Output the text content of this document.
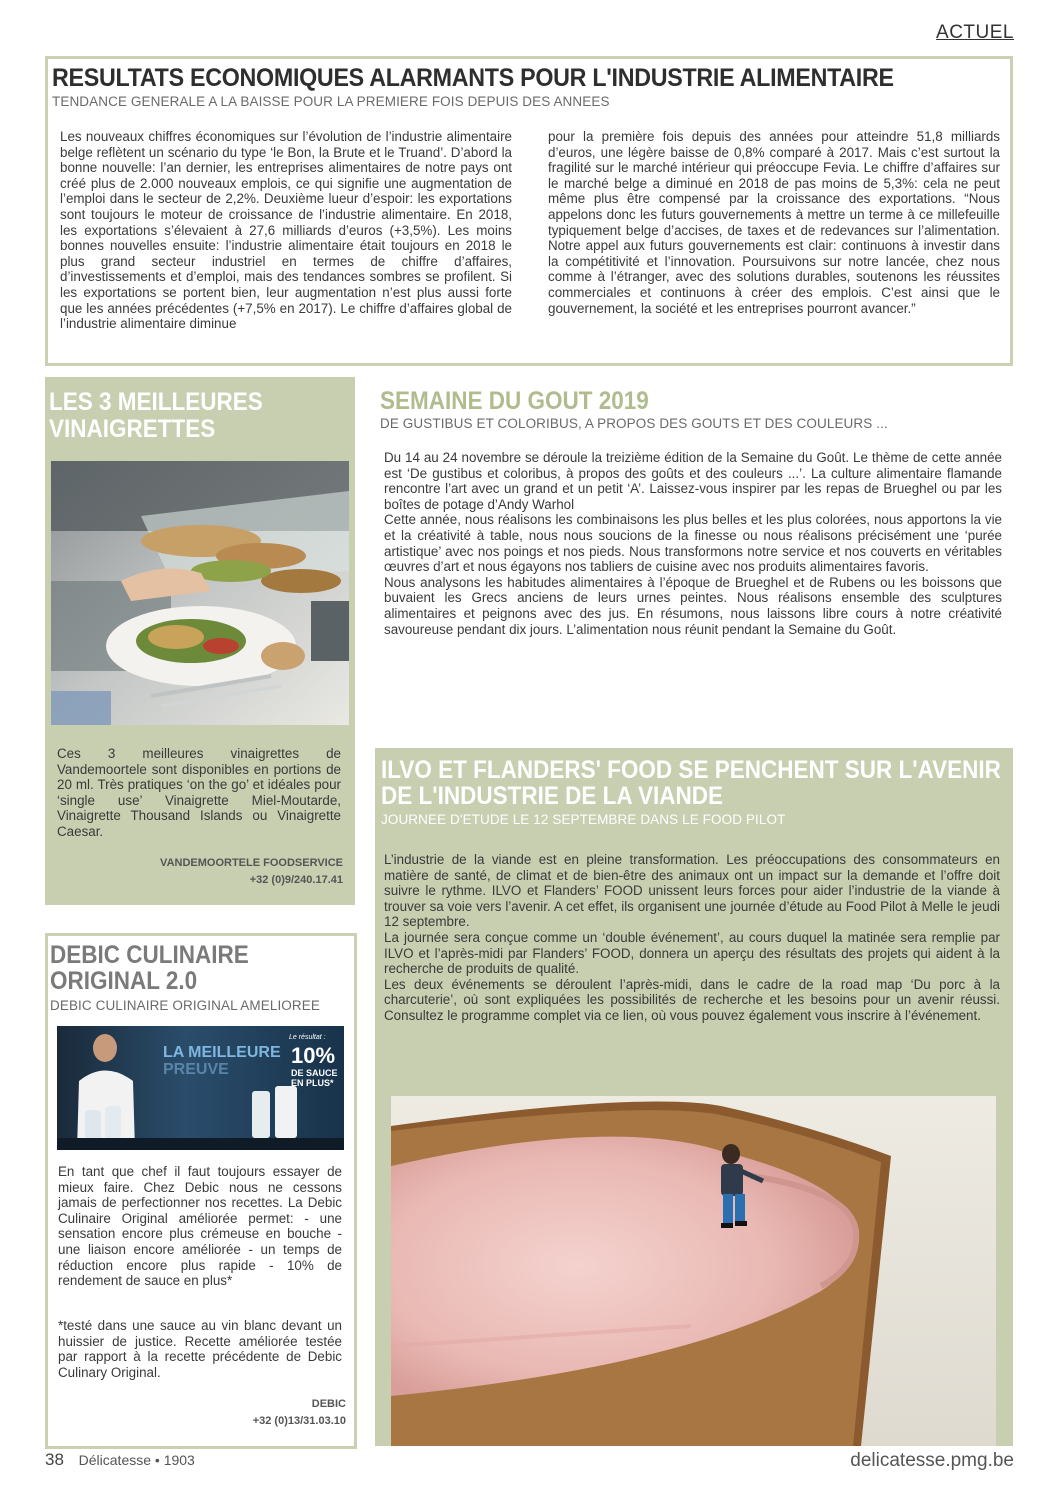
ACTUEL
RESULTATS ECONOMIQUES ALARMANTS POUR L'INDUSTRIE ALIMENTAIRE
TENDANCE GENERALE A LA BAISSE POUR LA PREMIERE FOIS DEPUIS DES ANNEES
Les nouveaux chiffres économiques sur l’évolution de l’industrie alimentaire belge reflètent un scénario du type ‘le Bon, la Brute et le Truand’. D’abord la bonne nouvelle: l’an dernier, les entreprises alimentaires de notre pays ont créé plus de 2.000 nouveaux emplois, ce qui signifie une augmentation de l’emploi dans le secteur de 2,2%. Deuxième lueur d’espoir: les exportations sont toujours le moteur de croissance de l’industrie alimentaire. En 2018, les exportations s’élevaient à 27,6 milliards d’euros (+3,5%). Les moins bonnes nouvelles ensuite: l’industrie alimentaire était toujours en 2018 le plus grand secteur industriel en termes de chiffre d’affaires, d’investissements et d’emploi, mais des tendances sombres se profilent. Si les exportations se portent bien, leur augmentation n’est plus aussi forte que les années précédentes (+7,5% en 2017). Le chiffre d’affaires global de l’industrie alimentaire diminue
pour la première fois depuis des années pour atteindre 51,8 milliards d’euros, une légère baisse de 0,8% comparé à 2017. Mais c’est surtout la fragilité sur le marché intérieur qui préoccupe Fevia. Le chiffre d’affaires sur le marché belge a diminué en 2018 de pas moins de 5,3%: cela ne peut même plus être compensé par la croissance des exportations. “Nous appelons donc les futurs gouvernements à mettre un terme à ce millefeuille typiquement belge d’accises, de taxes et de redevances sur l’alimentation. Notre appel aux futurs gouvernements est clair: continuons à investir dans la compétitivité et l’innovation. Poursuivons sur notre lancée, chez nous comme à l’étranger, avec des solutions durables, soutenons les réussites commerciales et continuons à créer des emplois. C’est ainsi que le gouvernement, la société et les entreprises pourront avancer.”
LES 3 MEILLEURES
VINAIGRETTES
Ces 3 meilleures vinaigrettes de Vandemoortele sont disponibles en portions de 20 ml. Très pratiques ‘on the go’ et idéales pour ‘single use’ Vinaigrette Miel-Moutarde, Vinaigrette Thousand Islands ou Vinaigrette Caesar.
VANDEMOORTELE FOODSERVICE
+32 (0)9/240.17.41
SEMAINE DU GOUT 2019
DE GUSTIBUS ET COLORIBUS, A PROPOS DES GOUTS ET DES COULEURS ...

Du 14 au 24 novembre se déroule la treizième édition de la Semaine du Goût. Le thème de cette année est ‘De gustibus et coloribus, à propos des goûts et des couleurs ...’. La culture alimentaire flamande rencontre l’art avec un grand et un petit ‘A’. Laissez-vous inspirer par les repas de Brueghel ou par les boîtes de potage d’Andy Warhol

Cette année, nous réalisons les combinaisons les plus belles et les plus colorées, nous apportons la vie et la créativité à table, nous nous soucions de la finesse ou nous réalisons précisément une ‘purée artistique’ avec nos poings et nos pieds. Nous transformons notre service et nos couverts en véritables œuvres d’art et nous égayons nos tabliers de cuisine avec nos produits alimentaires favoris.

Nous analysons les habitudes alimentaires à l’époque de Brueghel et de Rubens ou les boissons que buvaient les Grecs anciens de leurs urnes peintes. Nous réalisons ensemble des sculptures alimentaires et peignons avec des jus. En résumons, nous laissons libre cours à notre créativité savoureuse pendant dix jours. L’alimentation nous réunit pendant la Semaine du Goût.

ILVO ET FLANDERS' FOOD SE PENCHENT SUR L'AVENIR
DE L'INDUSTRIE DE LA VIANDE
JOURNEE D'ETUDE LE 12 SEPTEMBRE DANS LE FOOD PILOT

L’industrie de la viande est en pleine transformation. Les préoccupations des consommateurs en matière de santé, de climat et de bien-être des animaux ont un impact sur la demande et l’offre doit suivre le rythme. ILVO et Flanders’ FOOD unissent leurs forces pour aider l’industrie de la viande à trouver sa voie vers l’avenir. A cet effet, ils organisent une journée d’étude au Food Pilot à Melle le jeudi 12 septembre.

La journée sera conçue comme un ‘double événement’, au cours duquel la matinée sera remplie par ILVO et l’après-midi par Flanders’ FOOD, donnera un aperçu des résultats des projets qui aident à la recherche de produits de qualité.

Les deux événements se déroulent l’après-midi, dans le cadre de la road map ‘Du porc à la charcuterie’, où sont expliquées les possibilités de recherche et les besoins pour un avenir réussi. Consultez le programme complet via ce lien, où vous pouvez également vous inscrire à l’événement.

DEBIC CULINAIRE
ORIGINAL 2.0
DEBIC CULINAIRE ORIGINAL AMELIOREE
LA MEILLEURE
PREUVE
Le résultat :
10%
DE SAUCE
EN PLUS*
En tant que chef il faut toujours essayer de mieux faire. Chez Debic nous ne cessons jamais de perfectionner nos recettes. La Debic Culinaire Original améliorée permet: - une sensation encore plus crémeuse en bouche - une liaison encore améliorée - un temps de réduction encore plus rapide - 10% de rendement de sauce en plus*
*testé dans une sauce au vin blanc devant un huissier de justice. Recette améliorée testée par rapport à la recette précédente de Debic Culinary Original.
DEBIC
+32 (0)13/31.03.10
38 Délicatesse • 1903	delicatesse.pmg.be
